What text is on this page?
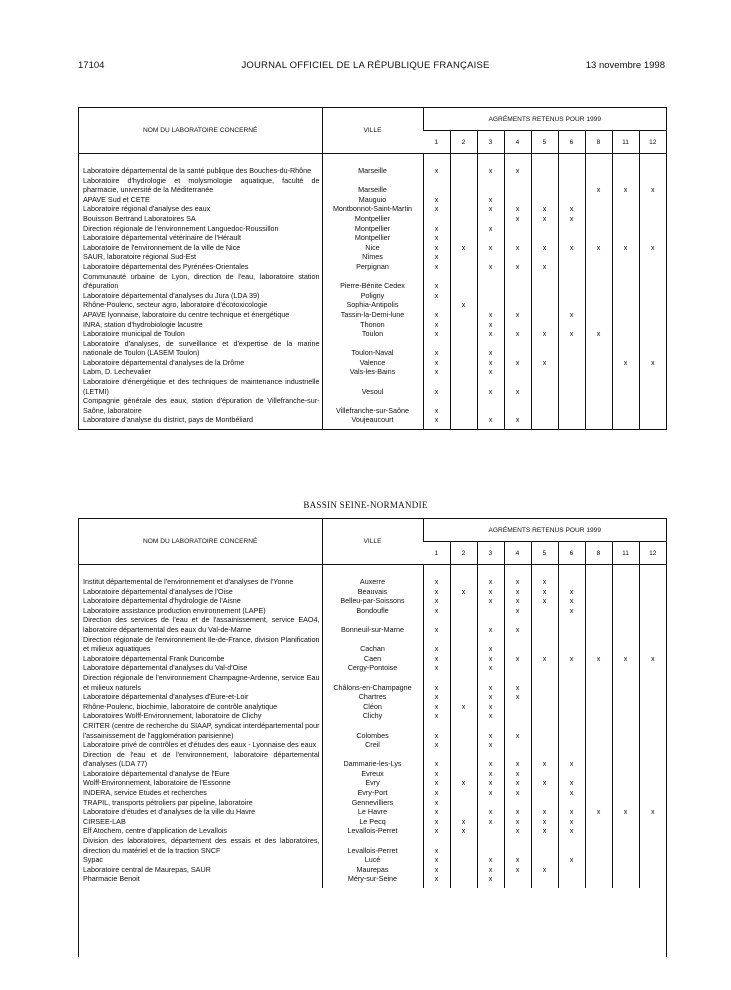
17104	JOURNAL OFFICIEL DE LA RÉPUBLIQUE FRANÇAISE	13 novembre 1998
NOM DU LABORATOIRE CONCERNÉ	VILLE	AGRÉMENTS RETENUS POUR 1999								
		1	2	3	4	5	6	8	11	12

Laboratoire départemental de la santé publique des Bouches-du-Rhône	Marseille	x		x	x					
Laboratoire d'hydrologie et molysmologie aquatique, faculté de pharmacie, université de la Méditerranée	Marseille							x	x	x
APAVE Sud et CETE	Mauguio	x		x						
Laboratoire régional d'analyse des eaux	Montbonnot-Saint-Martin	x		x	x	x	x			
Bouisson Bertrand Laboratoires SA	Montpellier				x	x	x			
Direction régionale de l'environnement Languedoc-Roussillon	Montpellier	x		x						
Laboratoire départemental vétérinaire de l'Hérault	Montpellier	x								
Laboratoire de l'environnement de la ville de Nice	Nice	x	x	x	x	x	x	x	x	x
SAUR, laboratoire régional Sud-Est	Nîmes	x								
Laboratoire départemental des Pyrénées-Orientales	Perpignan	x		x	x	x				
Communauté urbaine de Lyon, direction de l'eau, laboratoire station d'épuration	Pierre-Bénite Cedex	x								
Laboratoire départemental d'analyses du Jura (LDA 39)	Poligny	x								
Rhône-Poulenc, secteur agro, laboratoire d'écotoxicologie	Sophia-Antipolis		x							
APAVE lyonnaise, laboratoire du centre technique et énergétique	Tassin-la-Demi-lune	x		x	x		x			
INRA, station d'hydrobiologie lacustre	Thonon	x		x						
Laboratoire municipal de Toulon	Toulon	x		x	x	x	x	x		
Laboratoire d'analyses, de surveillance et d'expertise de la marine nationale de Toulon (LASEM Toulon)	Toulon-Naval	x		x						
Laboratoire départemental d'analyses de la Drôme	Valence	x		x	x	x			x	x
Labm, D. Lechevalier	Vals-les-Bains	x		x						
Laboratoire d'énergétique et des techniques de maintenance industrielle (LETMI)	Vesoul	x		x	x					
Compagnie générale des eaux, station d'épuration de Villefranche-sur-Saône, laboratoire	Villefranche-sur-Saône	x								
Laboratoire d'analyse du district, pays de Montbéliard	Voujeaucourt	x		x	x					

BASSIN SEINE-NORMANDIE
NOM DU LABORATOIRE CONCERNÉ	VILLE	AGRÉMENTS RETENUS POUR 1999								
		1	2	3	4	5	6	8	11	12

Institut départemental de l'environnement et d'analyses de l'Yonne	Auxerre	x		x	x	x				
Laboratoire départemental d'analyses de l'Oise	Beauvais	x	x	x	x	x	x			
Laboratoire départemental d'hydrologie de l'Aisne	Belleu-par-Soissons	x		x	x	x	x			
Laboratoire assistance production environnement (LAPE)	Bondoufle	x			x		x			
Direction des services de l'eau et de l'assainissement, service EAO4, laboratoire départemental des eaux du Val-de-Marne	Bonneuil-sur-Marne	x		x	x					
Direction régionale de l'environnement Ile-de-France, division Planification et milieux aquatiques	Cachan	x		x						
Laboratoire départemental Frank Duncombe	Caen	x		x	x	x	x	x	x	x
Laboratoire départemental d'analyses du Val-d'Oise	Cergy-Pontoise	x		x						
Direction régionale de l'environnement Champagne-Ardenne, service Eau et milieux naturels	Châlons-en-Champagne	x		x	x					
Laboratoire départemental d'analyses d'Eure-et-Loir	Chartres	x		x	x					
Rhône-Poulenc, biochimie, laboratoire de contrôle analytique	Cléon	x	x	x						
Laboratoires Wolff-Environnement, laboratoire de Clichy	Clichy	x		x						
CRITER (centre de recherche du SIAAP, syndicat interdépartemental pour l'assainissement de l'agglomération parisienne)	Colombes	x		x	x					
Laboratoire privé de contrôles et d'études des eaux - Lyonnaise des eaux	Creil	x		x						
Direction de l'eau et de l'environnement, laboratoire départemental d'analyses (LDA 77)	Dammarie-les-Lys	x		x	x	x	x			
Laboratoire départemental d'analyse de l'Eure	Evreux	x		x	x					
Wolff-Environnement, laboratoire de l'Essonne	Evry	x	x	x	x	x	x			
INDERA, service Etudes et recherches	Evry-Port	x		x	x		x			
TRAPIL, transports pétroliers par pipeline, laboratoire	Gennevilliers	x								
Laboratoire d'études et d'analyses de la ville du Havre	Le Havre	x		x	x	x	x	x	x	x
CIRSEE-LAB	Le Pecq	x	x	x	x	x	x			
Elf Atochem, centre d'application de Levallois	Levallois-Perret	x	x		x	x	x			
Division des laboratoires, département des essais et des laboratoires, direction du matériel et de la traction SNCF	Levallois-Perret	x								
Sypac	Lucé	x		x	x		x			
Laboratoire central de Maurepas, SAUR	Maurepas	x		x	x	x				
Pharmacie Benoit	Méry-sur-Seine	x		x						
